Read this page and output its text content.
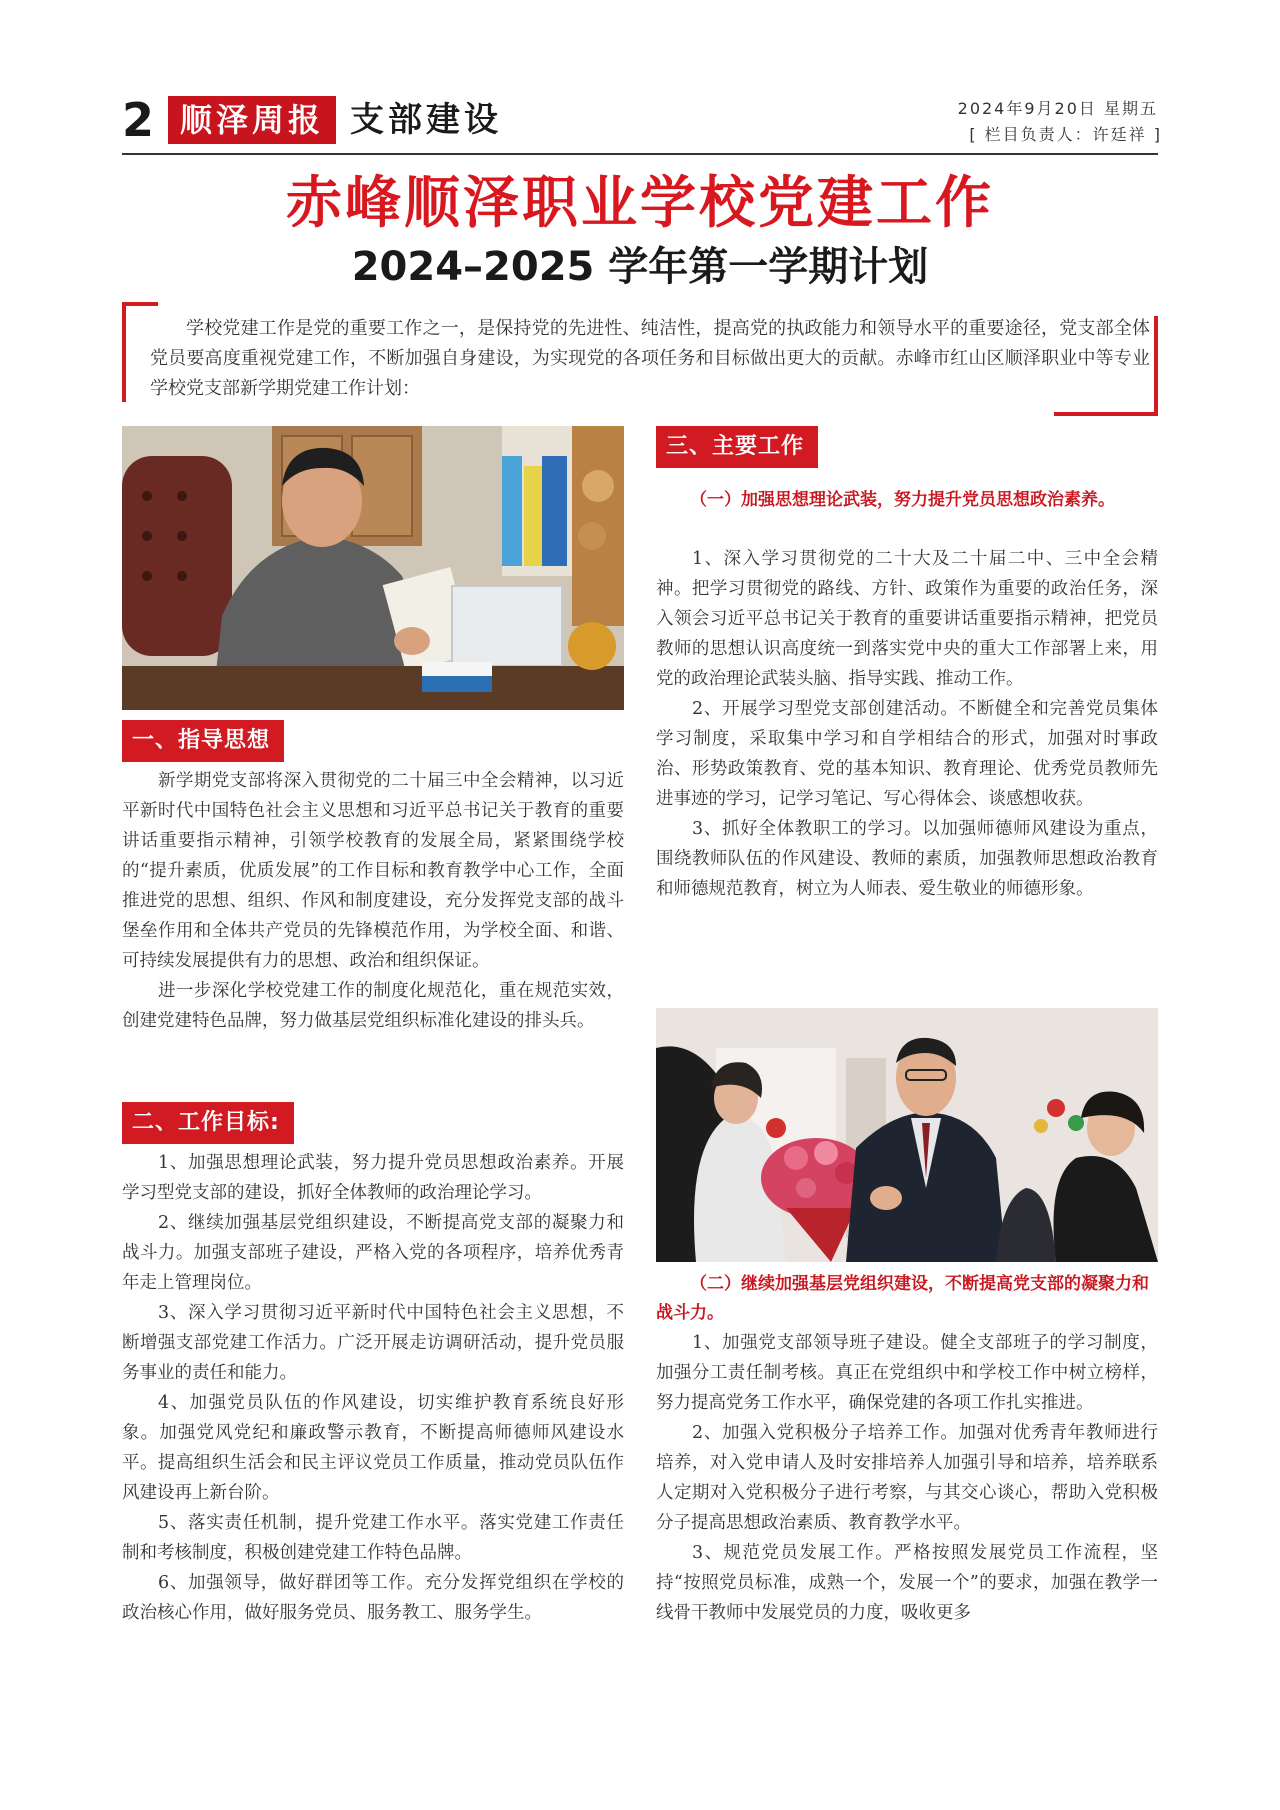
2 顺泽周报 支部建设	2024年9月20日 星期五
[ 栏目负责人：许廷祥 ]
赤峰顺泽职业学校党建工作
2024–2025 学年第一学期计划

学校党建工作是党的重要工作之一，是保持党的先进性、纯洁性，提高党的执政能力和领导水平的重要途径，党支部全体党员要高度重视党建工作，不断加强自身建设，为实现党的各项任务和目标做出更大的贡献。赤峰市红山区顺泽职业中等专业学校党支部新学期党建工作计划：

一、指导思想

新学期党支部将深入贯彻党的二十届三中全会精神，以习近平新时代中国特色社会主义思想和习近平总书记关于教育的重要讲话重要指示精神，引领学校教育的发展全局，紧紧围绕学校的“提升素质，优质发展”的工作目标和教育教学中心工作，全面推进党的思想、组织、作风和制度建设，充分发挥党支部的战斗堡垒作用和全体共产党员的先锋模范作用，为学校全面、和谐、可持续发展提供有力的思想、政治和组织保证。

进一步深化学校党建工作的制度化规范化，重在规范实效，创建党建特色品牌，努力做基层党组织标准化建设的排头兵。

二、工作目标:

1、加强思想理论武装，努力提升党员思想政治素养。开展学习型党支部的建设，抓好全体教师的政治理论学习。

2、继续加强基层党组织建设，不断提高党支部的凝聚力和战斗力。加强支部班子建设，严格入党的各项程序，培养优秀青年走上管理岗位。

3、深入学习贯彻习近平新时代中国特色社会主义思想，不断增强支部党建工作活力。广泛开展走访调研活动，提升党员服务事业的责任和能力。

4、加强党员队伍的作风建设，切实维护教育系统良好形象。加强党风党纪和廉政警示教育，不断提高师德师风建设水平。提高组织生活会和民主评议党员工作质量，推动党员队伍作风建设再上新台阶。

5、落实责任机制，提升党建工作水平。落实党建工作责任制和考核制度，积极创建党建工作特色品牌。

6、加强领导，做好群团等工作。充分发挥党组织在学校的政治核心作用，做好服务党员、服务教工、服务学生。

三、主要工作
（一）加强思想理论武装，努力提升党员思想政治素养。

1、深入学习贯彻党的二十大及二十届二中、三中全会精神。把学习贯彻党的路线、方针、政策作为重要的政治任务，深入领会习近平总书记关于教育的重要讲话重要指示精神，把党员教师的思想认识高度统一到落实党中央的重大工作部署上来，用党的政治理论武装头脑、指导实践、推动工作。

2、开展学习型党支部创建活动。不断健全和完善党员集体学习制度，采取集中学习和自学相结合的形式，加强对时事政治、形势政策教育、党的基本知识、教育理论、优秀党员教师先进事迹的学习，记学习笔记、写心得体会、谈感想收获。

3、抓好全体教职工的学习。以加强师德师风建设为重点，围绕教师队伍的作风建设、教师的素质，加强教师思想政治教育和师德规范教育，树立为人师表、爱生敬业的师德形象。

（二）继续加强基层党组织建设，不断提高党支部的凝聚力和战斗力。

1、加强党支部领导班子建设。健全支部班子的学习制度，加强分工责任制考核。真正在党组织中和学校工作中树立榜样，努力提高党务工作水平，确保党建的各项工作扎实推进。

2、加强入党积极分子培养工作。加强对优秀青年教师进行培养，对入党申请人及时安排培养人加强引导和培养，培养联系人定期对入党积极分子进行考察，与其交心谈心，帮助入党积极分子提高思想政治素质、教育教学水平。

3、规范党员发展工作。严格按照发展党员工作流程，坚持“按照党员标准，成熟一个，发展一个”的要求，加强在教学一线骨干教师中发展党员的力度，吸收更多
